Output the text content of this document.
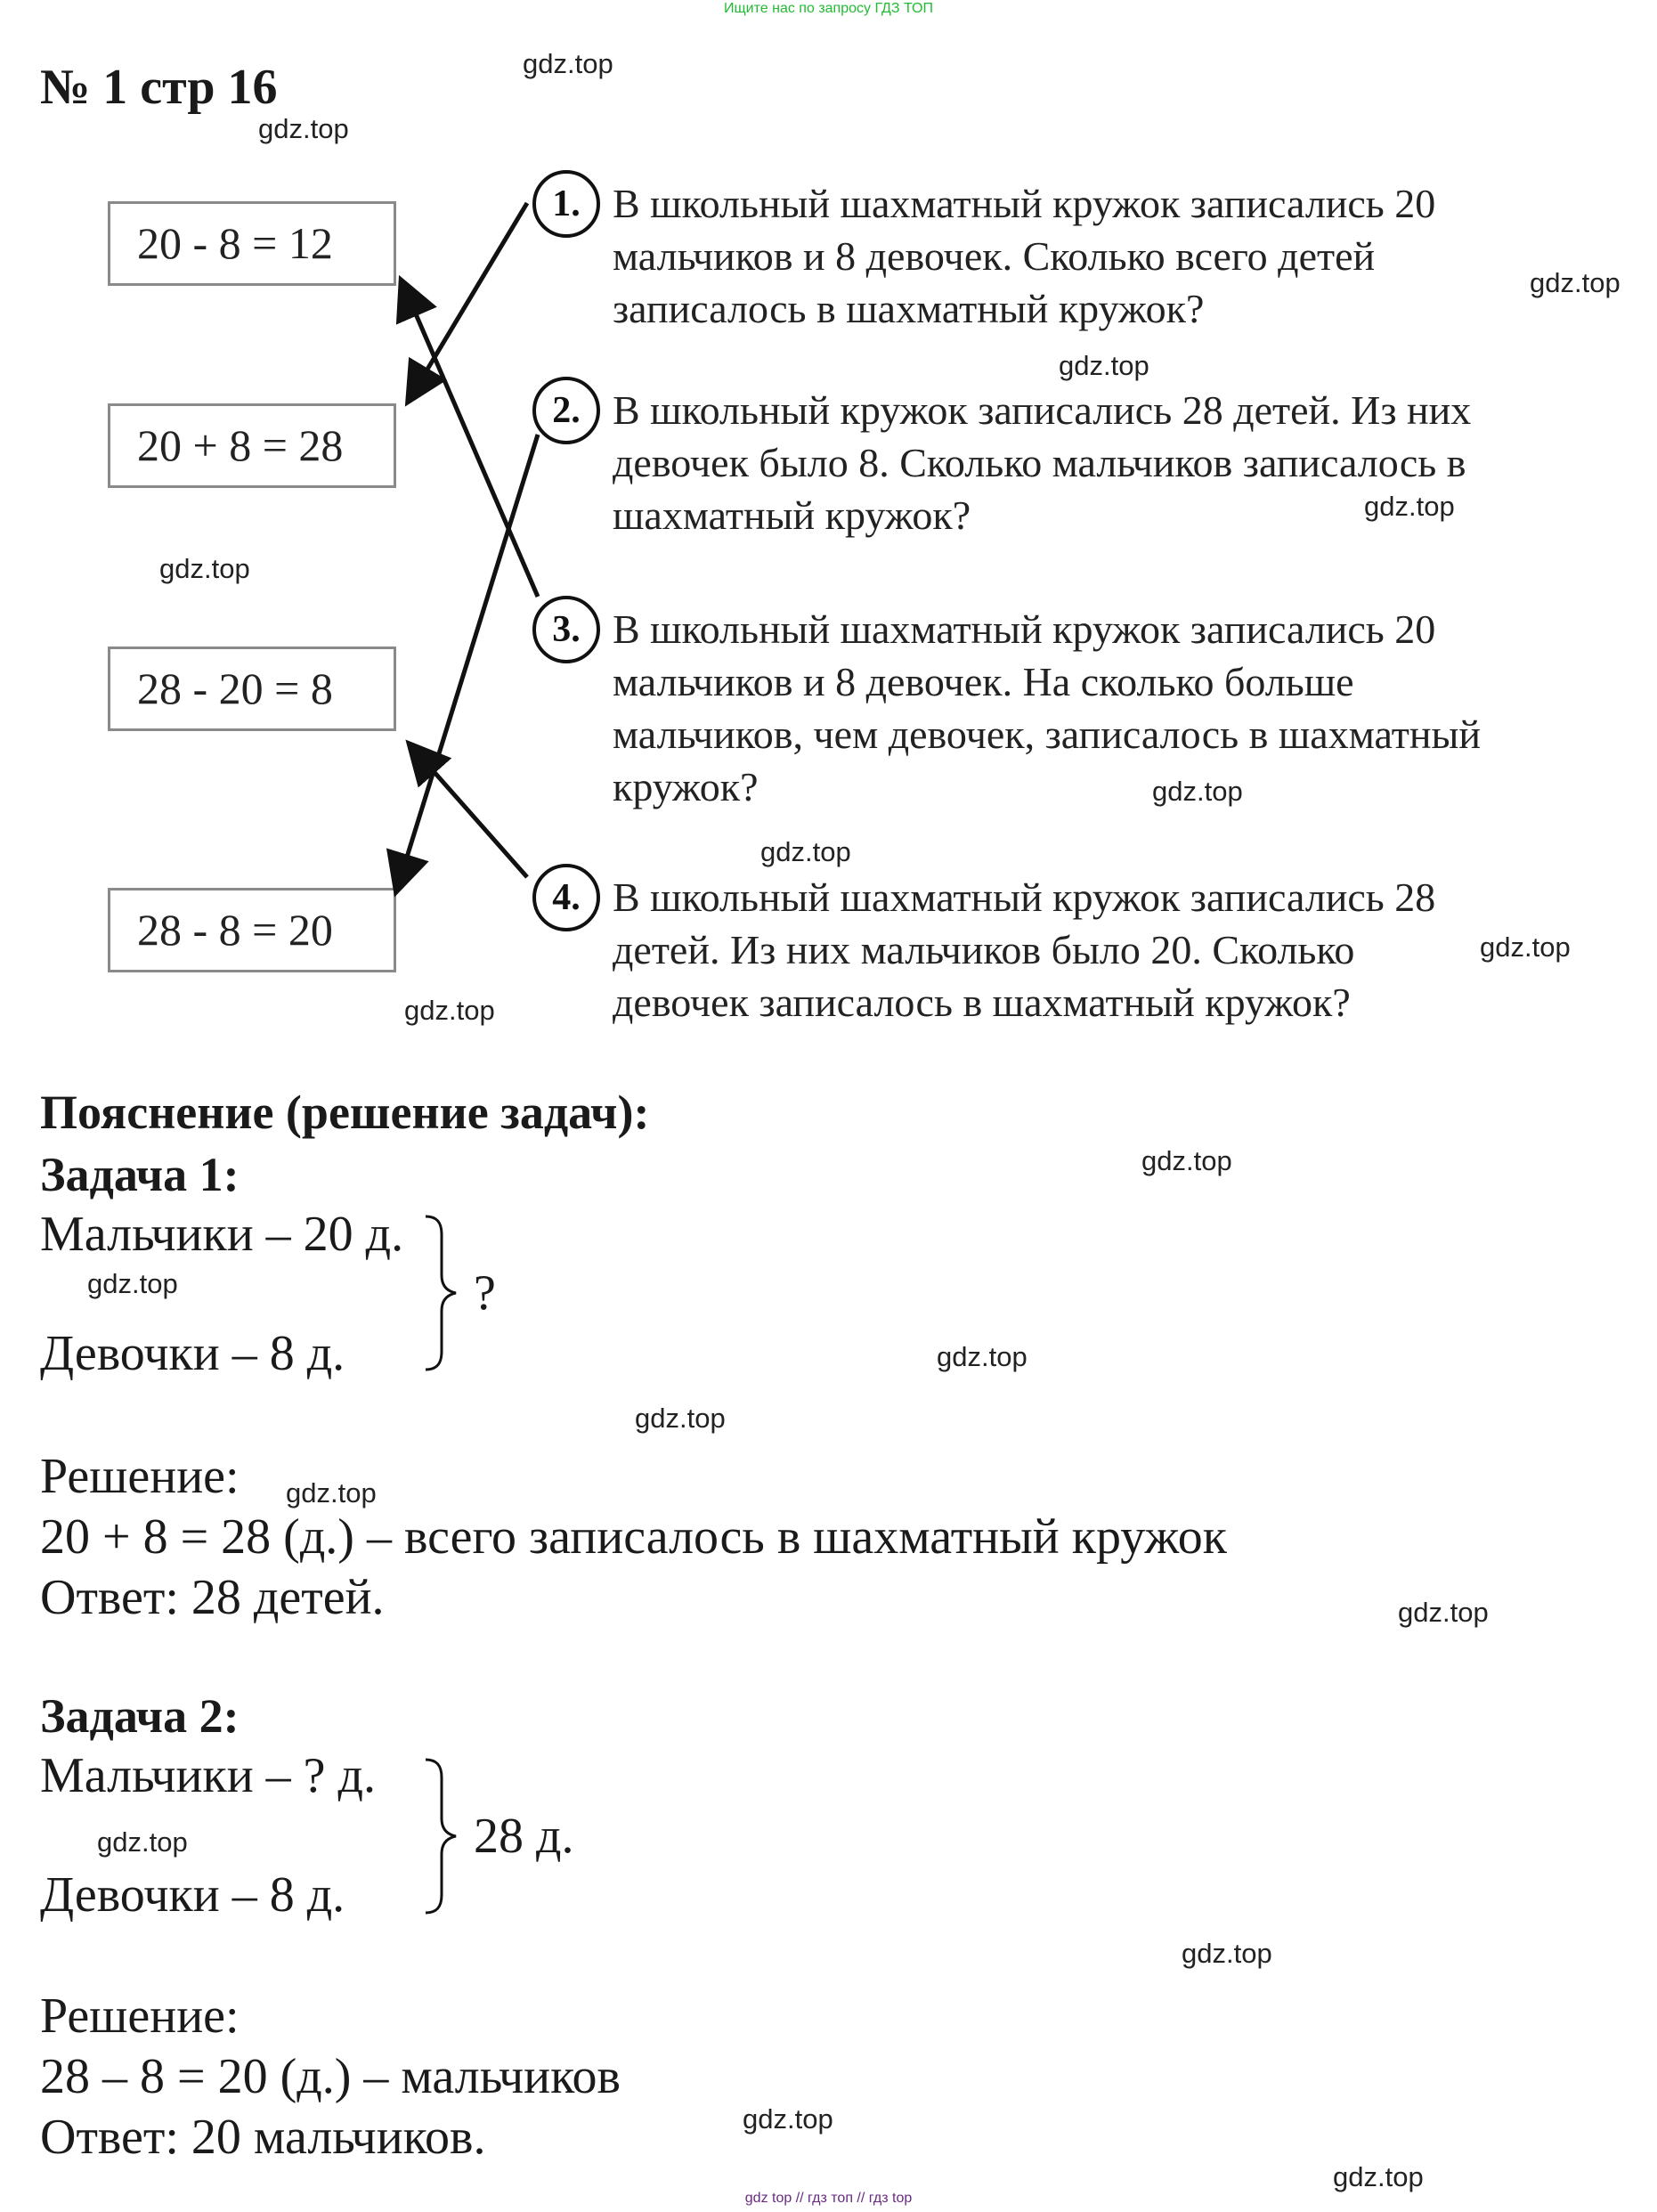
Ищите нас по запросу ГДЗ ТОП
№ 1 стр 16
20 - 8 = 12
20 + 8 = 28
28 - 20 = 8
28 - 8 = 20
1.
2.
3.
4.
В школьный шахматный кружок записались 20
мальчиков и 8 девочек. Сколько всего детей
записалось в шахматный кружок?
В школьный кружок записались 28 детей. Из них
девочек было 8. Сколько мальчиков записалось в
шахматный кружок?
В школьный шахматный кружок записались 20
мальчиков и 8 девочек. На сколько больше
мальчиков, чем девочек, записалось в шахматный
кружок?
В школьный шахматный кружок записались 28
детей. Из них мальчиков было 20. Сколько
девочек записалось в шахматный кружок?
Пояснение (решение задач):
Задача 1:
Мальчики – 20 д.
Девочки – 8 д.
?
Решение:
20 + 8 = 28 (д.) – всего записалось в шахматный кружок
Ответ: 28 детей.
Задача 2:
Мальчики – ? д.
Девочки – 8 д.
28 д.
Решение:
28 – 8 = 20 (д.) – мальчиков
Ответ: 20 мальчиков.
gdz.top
gdz.top
gdz.top
gdz.top
gdz.top
gdz.top
gdz.top
gdz.top
gdz.top
gdz.top
gdz.top
gdz.top
gdz.top
gdz.top
gdz.top
gdz.top
gdz.top
gdz.top
gdz.top
gdz.top
gdz top // гдз топ // гдз top
